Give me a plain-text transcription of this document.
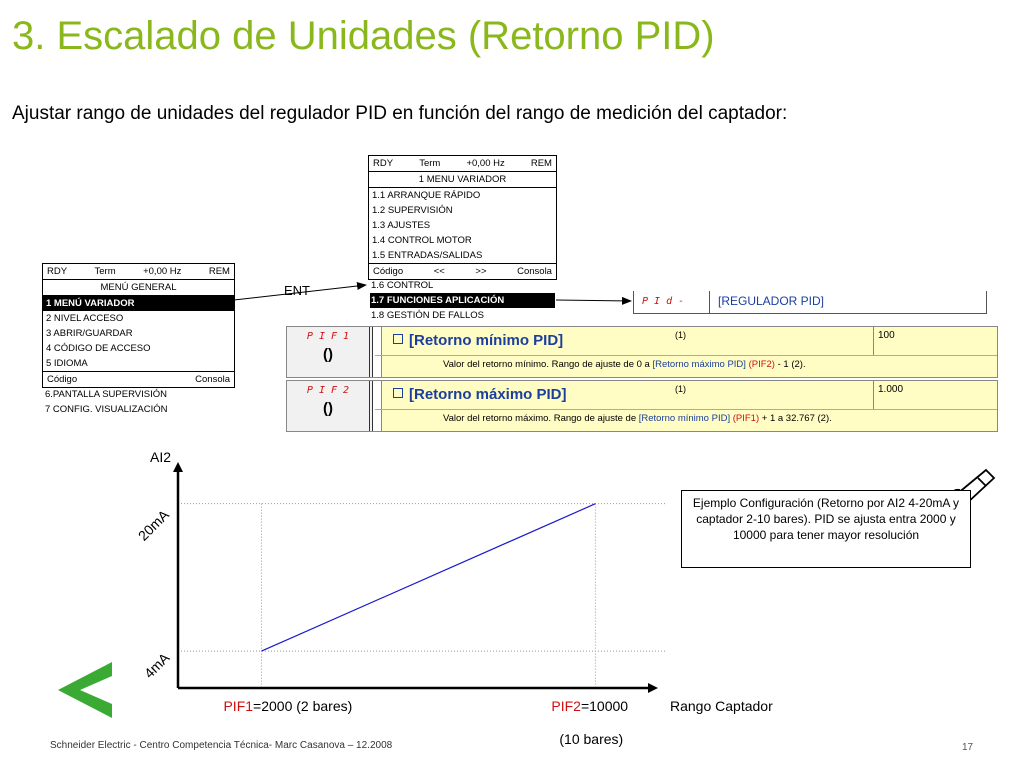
3. Escalado de Unidades (Retorno PID)
Ajustar rango de unidades del regulador PID en función del rango de medición del captador:
RDY	Term	+0,00 Hz	REM
MENÚ GENERAL
1 MENÚ VARIADOR
2 NIVEL ACCESO
3 ABRIR/GUARDAR
4 CÓDIGO DE ACCESO
5 IDIOMA
Código	Consola
6.PANTALLA SUPERVISIÓN
7 CONFIG. VISUALIZACIÓN
RDY	Term	+0,00 Hz	REM
1 MENU VARIADOR
1.1 ARRANQUE RÁPIDO
1.2 SUPERVISIÓN
1.3 AJUSTES
1.4 CONTROL MOTOR
1.5 ENTRADAS/SALIDAS
Código	<<	>>	Consola
1.6 CONTROL
1.7 FUNCIONES APLICACIÓN
1.8 GESTIÓN DE FALLOS
P I d -	[REGULADOR PID]
P I F 1
()
[Retorno mínimo PID]	(1)	100
Valor del retorno mínimo. Rango de ajuste de 0 a [Retorno máximo PID] (PIF2) - 1 (2).
P I F 2
()
[Retorno máximo PID]	(1)	1.000
Valor del retorno máximo. Rango de ajuste de [Retorno mínimo PID] (PIF1) + 1 a 32.767 (2).
ENT
AI2
Rango Captador
4mA
20mA
PIF1=2000 (2 bares)	PIF2=10000
(10 bares)
Ejemplo Configuración (Retorno por AI2 4-20mA y captador 2-10 bares). PID se ajusta entra 2000 y 10000 para tener mayor resolución
Schneider Electric - Centro Competencia Técnica- Marc Casanova – 12.2008	17
